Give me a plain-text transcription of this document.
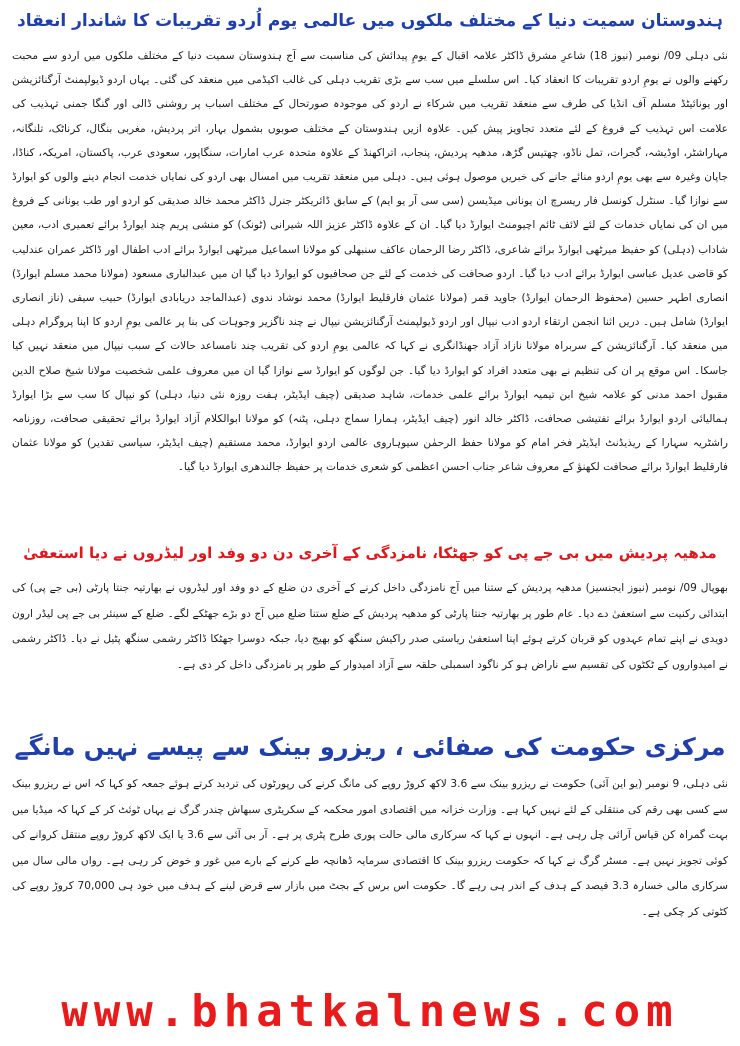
ہندوستان سمیت دنیا کے مختلف ملکوں میں عالمی یوم اُردو تقریبات کا شاندار انعقاد

نئی دہلی 09/ نومبر (نیوز 18) شاعرِ مشرق ڈاکٹر علامہ اقبال کے یومِ پیدائش کی مناسبت سے آج ہندوستان سمیت دنیا کے مختلف ملکوں میں اردو سے محبت رکھنے والوں نے یومِ اردو تقریبات کا انعقاد کیا۔ اس سلسلے میں سب سے بڑی تقریب دہلی کی غالب اکیڈمی میں منعقد کی گئی۔ یہاں اردو ڈیولپمنٹ آرگنائزیشن اور یونائیٹڈ مسلم آف انڈیا کی طرف سے منعقد تقریب میں شرکاء نے اردو کی موجودہ صورتحال کے مختلف اسباب پر روشنی ڈالی اور گنگا جمنی تہذیب کی علامت اس تہذیب کے فروغ کے لئے متعدد تجاویز پیش کیں۔ علاوہ ازیں ہندوستان کے مختلف صوبوں بشمول بہار، اتر پردیش، مغربی بنگال، کرناٹک، تلنگانہ، مہاراشٹر، اوڈیشہ، گجرات، تمل ناڈو، چھتیس گڑھ، مدھیہ پردیش، پنجاب، اتراکھنڈ کے علاوہ متحدہ عرب امارات، سنگاپور، سعودی عرب، پاکستان، امریکہ، کناڈا، جاپان وغیرہ سے بھی یومِ اردو منائے جانے کی خبریں موصول ہوئی ہیں۔ دہلی میں منعقد تقریب میں امسال بھی اردو کی نمایاں خدمت انجام دینے والوں کو ایوارڈ سے نوازا گیا۔ سنٹرل کونسل فار ریسرچ ان یونانی میڈیسن (سی سی آر یو ایم) کے سابق ڈائریکٹر جنرل ڈاکٹر محمد خالد صدیقی کو اردو اور طب یونانی کے فروغ میں ان کی نمایاں خدمات کے لئے لائف ٹائم اچیومنٹ ایوارڈ دیا گیا۔ ان کے علاوہ ڈاکٹر عزیز اللہ شیرانی (ٹونک) کو منشی پریم چند ایوارڈ برائے تعمیری ادب، معین شاداب (دہلی) کو حفیظ میرٹھی ایوارڈ برائے شاعری، ڈاکٹر رضا الرحمان عاکف سنبھلی کو مولانا اسماعیل میرٹھی ایوارڈ برائے ادب اطفال اور ڈاکٹر عمران عندلیب کو قاضی عدیل عباسی ایوارڈ برائے ادب دیا گیا۔ اردو صحافت کی خدمت کے لئے جن صحافیوں کو ایوارڈ دیا گیا ان میں عبدالباری مسعود (مولانا محمد مسلم ایوارڈ) انصاری اطہر حسین (محفوظ الرحمان ایوارڈ) جاوید قمر (مولانا عثمان فارقلیط ایوارڈ) محمد نوشاد ندوی (عبدالماجد دریابادی ایوارڈ) حبیب سیفی (ناز انصاری ایوارڈ) شامل ہیں۔ دریں اثنا انجمن ارتقاء اردو ادب نیپال اور اردو ڈیولپمنٹ آرگنائزیشن نیپال نے چند ناگزیر وجوہات کی بنا پر عالمی یومِ اردو کا اپنا پروگرام دہلی میں منعقد کیا۔ آرگنائزیشن کے سربراہ مولانا نازاد آزاد جھنڈانگری نے کہا کہ عالمی یومِ اردو کی تقریب چند نامساعد حالات کے سبب نیپال میں منعقد نہیں کیا جاسکا۔ اس موقع پر ان کی تنظیم نے بھی متعدد افراد کو ایوارڈ دیا گیا۔ جن لوگوں کو ایوارڈ سے نوازا گیا ان میں معروف علمی شخصیت مولانا شیخ صلاح الدین مقبول احمد مدنی کو علامہ شیخ ابن تیمیہ ایوارڈ برائے علمی خدمات، شاہد صدیقی (چیف ایڈیٹر، ہفت روزہ نئی دنیا، دہلی) کو نیپال کا سب سے بڑا ایوارڈ ہمالیائی اردو ایوارڈ برائے تفتیشی صحافت، ڈاکٹر خالد انور (چیف ایڈیٹر، ہمارا سماج دہلی، پٹنہ) کو مولانا ابوالکلام آزاد ایوارڈ برائے تحقیقی صحافت، روزنامہ راشٹریہ سہارا کے ریذیڈنٹ ایڈیٹر فخر امام کو مولانا حفظ الرحمٰن سیوہاروی عالمی اردو ایوارڈ، محمد مستقیم (چیف ایڈیٹر، سیاسی تقدیر) کو مولانا عثمان فارقلیط ایوارڈ برائے صحافت لکھنؤ کے معروف شاعر جناب احسن اعظمی کو شعری خدمات پر حفیظ جالندھری ایوارڈ دیا گیا۔

مدھیہ پردیش میں بی جے پی کو جھٹکا، نامزدگی کے آخری دن دو وفد اور لیڈروں نے دیا استعفیٰ

بھوپال 09/ نومبر (نیوز ایجنسیز) مدھیہ پردیش کے ستنا میں آج نامزدگی داخل کرنے کے آخری دن ضلع کے دو وفد اور لیڈروں نے بھارتیہ جنتا پارٹی (بی جے پی) کی ابتدائی رکنیت سے استعفیٰ دے دیا۔ عام طور پر بھارتیہ جنتا پارٹی کو مدھیہ پردیش کے ضلع ستنا ضلع میں آج دو بڑے جھٹکے لگے۔ ضلع کے سینئر بی جے پی لیڈر ارون دویدی نے اپنے تمام عہدوں کو قربان کرتے ہوئے اپنا استعفیٰ ریاستی صدر راکیش سنگھ کو بھیج دیا، جبکہ دوسرا جھٹکا ڈاکٹر رشمی سنگھ پٹیل نے دیا۔ ڈاکٹر رشمی نے امیدواروں کے ٹکٹوں کی تقسیم سے ناراض ہو کر ناگود اسمبلی حلقہ سے آزاد امیدوار کے طور پر نامزدگی داخل کر دی ہے۔

مرکزی حکومت کی صفائی ، ریزرو بینک سے پیسے نہیں مانگے

نئی دہلی، 9 نومبر (یو این آئی) حکومت نے ریزرو بینک سے 3.6 لاکھ کروڑ روپے کی مانگ کرنے کی رپورٹوں کی تردید کرتے ہوئے جمعہ کو کہا کہ اس نے ریزرو بینک سے کسی بھی رقم کی منتقلی کے لئے نہیں کہا ہے۔ وزارت خزانہ میں اقتصادی امور محکمہ کے سکریٹری سبھاش چندر گرگ نے یہاں ٹوئٹ کر کے کہا کہ میڈیا میں بہت گمراہ کن قیاس آرائی چل رہی ہے۔ انہوں نے کہا کہ سرکاری مالی حالت پوری طرح پٹری پر ہے۔ آر بی آئی سے 3.6 یا ایک لاکھ کروڑ روپے منتقل کروانے کی کوئی تجویز نہیں ہے۔ مسٹر گرگ نے کہا کہ حکومت ریزرو بینک کا اقتصادی سرمایہ ڈھانچہ طے کرنے کے بارے میں غور و خوض کر رہی ہے۔ رواں مالی سال میں سرکاری مالی خسارہ 3.3 فیصد کے ہدف کے اندر ہی رہے گا۔ حکومت اس برس کے بجٹ میں بازار سے قرض لینے کے ہدف میں خود ہی 70,000 کروڑ روپے کی کٹوتی کر چکی ہے۔

www.bhatkalnews.com
